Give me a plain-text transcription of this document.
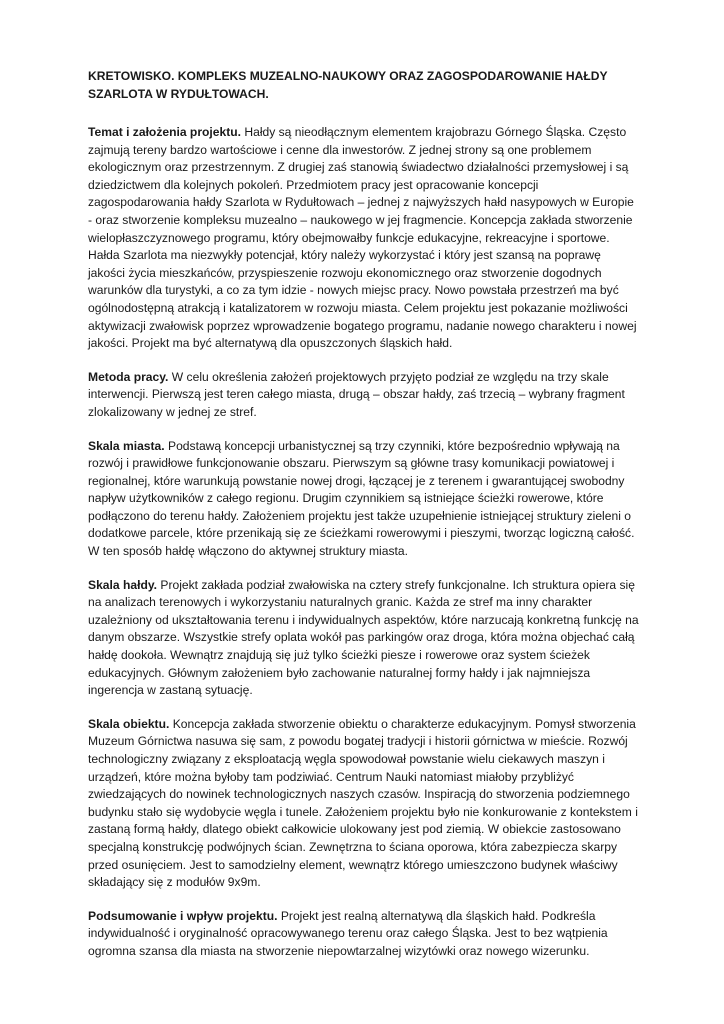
KRETOWISKO. KOMPLEKS MUZEALNO-NAUKOWY ORAZ ZAGOSPODAROWANIE HAŁDY SZARLOTA W RYDUŁTOWACH.

Temat i założenia projektu. Hałdy są nieodłącznym elementem krajobrazu Górnego Śląska. Często zajmują tereny bardzo wartościowe i cenne dla inwestorów. Z jednej strony są one problemem ekologicznym oraz przestrzennym. Z drugiej zaś stanowią świadectwo działalności przemysłowej i są dziedzictwem dla kolejnych pokoleń. Przedmiotem pracy jest opracowanie koncepcji zagospodarowania hałdy Szarlota w Rydułtowach – jednej z najwyższych hałd nasypowych w Europie - oraz stworzenie kompleksu muzealno – naukowego w jej fragmencie. Koncepcja zakłada stworzenie wielopłaszczyznowego programu, który obejmowałby funkcje edukacyjne, rekreacyjne i sportowe. Hałda Szarlota ma niezwykły potencjał, który należy wykorzystać i który jest szansą na poprawę jakości życia mieszkańców, przyspieszenie rozwoju ekonomicznego oraz stworzenie dogodnych warunków dla turystyki, a co za tym idzie - nowych miejsc pracy. Nowo powstała przestrzeń ma być ogólnodostępną atrakcją i katalizatorem w rozwoju miasta. Celem projektu jest pokazanie możliwości aktywizacji zwałowisk poprzez wprowadzenie bogatego programu, nadanie nowego charakteru i nowej jakości. Projekt ma być alternatywą dla opuszczonych śląskich hałd.

Metoda pracy. W celu określenia założeń projektowych przyjęto podział ze względu na trzy skale interwencji. Pierwszą jest teren całego miasta, drugą – obszar hałdy, zaś trzecią – wybrany fragment zlokalizowany w jednej ze stref.

Skala miasta. Podstawą koncepcji urbanistycznej są trzy czynniki, które bezpośrednio wpływają na rozwój i prawidłowe funkcjonowanie obszaru. Pierwszym są główne trasy komunikacji powiatowej i regionalnej, które warunkują powstanie nowej drogi, łączącej je z terenem i gwarantującej swobodny napływ użytkowników z całego regionu. Drugim czynnikiem są istniejące ścieżki rowerowe, które podłączono do terenu hałdy. Założeniem projektu jest także uzupełnienie istniejącej struktury zieleni o dodatkowe parcele, które przenikają się ze ścieżkami rowerowymi i pieszymi, tworząc logiczną całość. W ten sposób hałdę włączono do aktywnej struktury miasta.

Skala hałdy. Projekt zakłada podział zwałowiska na cztery strefy funkcjonalne. Ich struktura opiera się na analizach terenowych i wykorzystaniu naturalnych granic. Każda ze stref ma inny charakter uzależniony od ukształtowania terenu i indywidualnych aspektów, które narzucają konkretną funkcję na danym obszarze. Wszystkie strefy oplata wokół pas parkingów oraz droga, która można objechać całą hałdę dookoła. Wewnątrz znajdują się już tylko ścieżki piesze i rowerowe oraz system ścieżek edukacyjnych. Głównym założeniem było zachowanie naturalnej formy hałdy i jak najmniejsza ingerencja w zastaną sytuację.

Skala obiektu. Koncepcja zakłada stworzenie obiektu o charakterze edukacyjnym. Pomysł stworzenia Muzeum Górnictwa nasuwa się sam, z powodu bogatej tradycji i historii górnictwa w mieście. Rozwój technologiczny związany z eksploatacją węgla spowodował powstanie wielu ciekawych maszyn i urządzeń, które można byłoby tam podziwiać. Centrum Nauki natomiast miałoby przybliżyć zwiedzających do nowinek technologicznych naszych czasów. Inspiracją do stworzenia podziemnego budynku stało się wydobycie węgla i tunele. Założeniem projektu było nie konkurowanie z kontekstem i zastaną formą hałdy, dlatego obiekt całkowicie ulokowany jest pod ziemią. W obiekcie zastosowano specjalną konstrukcję podwójnych ścian. Zewnętrzna to ściana oporowa, która zabezpiecza skarpy przed osunięciem. Jest to samodzielny element, wewnątrz którego umieszczono budynek właściwy składający się z modułów 9x9m.

Podsumowanie i wpływ projektu. Projekt jest realną alternatywą dla śląskich hałd. Podkreśla indywidualność i oryginalność opracowywanego terenu oraz całego Śląska. Jest to bez wątpienia ogromna szansa dla miasta na stworzenie niepowtarzalnej wizytówki oraz nowego wizerunku.
